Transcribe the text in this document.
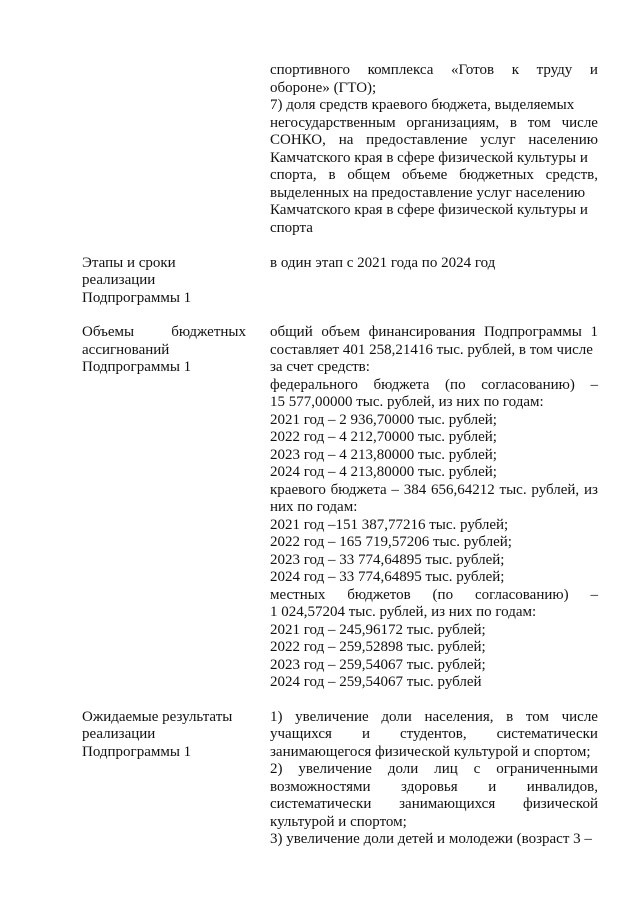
спортивного комплекса «Готов к труду и
обороне» (ГТО);
7) доля средств краевого бюджета, выделяемых
негосударственным организациям, в том числе
СОНКО, на предоставление услуг населению
Камчатского края в сфере физической культуры и
спорта, в общем объеме бюджетных средств,
выделенных на предоставление услуг населению
Камчатского края в сфере физической культуры и
спорта
Этапы и сроки
реализации
Подпрограммы 1
в один этап с 2021 года по 2024 год
Объемы бюджетных
ассигнований
Подпрограммы 1
общий объем финансирования Подпрограммы 1
составляет 401 258,21416 тыс. рублей, в том числе
за счет средств:
федерального бюджета (по согласованию) –
15 577,00000 тыс. рублей, из них по годам:
2021 год – 2 936,70000 тыс. рублей;
2022 год – 4 212,70000 тыс. рублей;
2023 год – 4 213,80000 тыс. рублей;
2024 год – 4 213,80000 тыс. рублей;
краевого бюджета – 384 656,64212 тыс. рублей, из
них по годам:
2021 год –151 387,77216 тыс. рублей;
2022 год – 165 719,57206 тыс. рублей;
2023 год – 33 774,64895 тыс. рублей;
2024 год – 33 774,64895 тыс. рублей;
местных бюджетов (по согласованию) –
1 024,57204 тыс. рублей, из них по годам:
2021 год – 245,96172 тыс. рублей;
2022 год – 259,52898 тыс. рублей;
2023 год – 259,54067 тыс. рублей;
2024 год – 259,54067 тыс. рублей
Ожидаемые результаты
реализации
Подпрограммы 1
1) увеличение доли населения, в том числе
учащихся и студентов, систематически
занимающегося физической культурой и спортом;
2) увеличение доли лиц с ограниченными
возможностями здоровья и инвалидов,
систематически занимающихся физической
культурой и спортом;
3) увеличение доли детей и молодежи (возраст 3 –
